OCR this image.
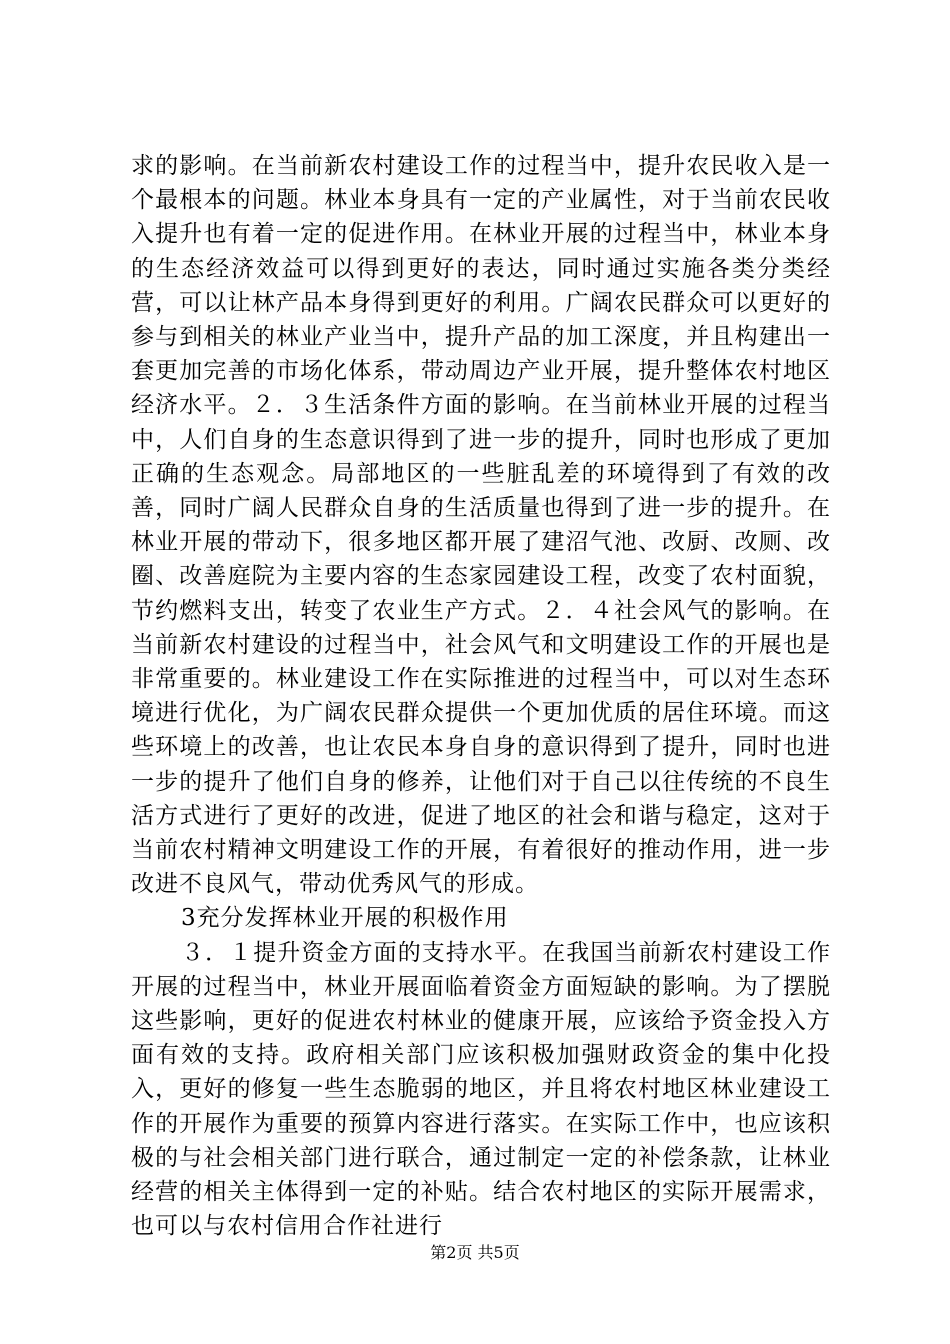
求的影响。在当前新农村建设工作的过程当中，提升农民收入是一个最根本的问题。林业本身具有一定的产业属性，对于当前农民收入提升也有着一定的促进作用。在林业开展的过程当中，林业本身的生态经济效益可以得到更好的表达，同时通过实施各类分类经营，可以让林产品本身得到更好的利用。广阔农民群众可以更好的参与到相关的林业产业当中，提升产品的加工深度，并且构建出一套更加完善的市场化体系，带动周边产业开展，提升整体农村地区经济水平。２．３生活条件方面的影响。在当前林业开展的过程当中，人们自身的生态意识得到了进一步的提升，同时也形成了更加正确的生态观念。局部地区的一些脏乱差的环境得到了有效的改善，同时广阔人民群众自身的生活质量也得到了进一步的提升。在林业开展的带动下，很多地区都开展了建沼气池、改厨、改厕、改圈、改善庭院为主要内容的生态家园建设工程，改变了农村面貌，节约燃料支出，转变了农业生产方式。２．４社会风气的影响。在当前新农村建设的过程当中，社会风气和文明建设工作的开展也是非常重要的。林业建设工作在实际推进的过程当中，可以对生态环境进行优化，为广阔农民群众提供一个更加优质的居住环境。而这些环境上的改善，也让农民本身自身的意识得到了提升，同时也进一步的提升了他们自身的修养，让他们对于自己以往传统的不良生活方式进行了更好的改进，促进了地区的社会和谐与稳定，这对于当前农村精神文明建设工作的开展，有着很好的推动作用，进一步改进不良风气，带动优秀风气的形成。

3充分发挥林业开展的积极作用

３．１提升资金方面的支持水平。在我国当前新农村建设工作开展的过程当中，林业开展面临着资金方面短缺的影响。为了摆脱这些影响，更好的促进农村林业的健康开展，应该给予资金投入方面有效的支持。政府相关部门应该积极加强财政资金的集中化投入，更好的修复一些生态脆弱的地区，并且将农村地区林业建设工作的开展作为重要的预算内容进行落实。在实际工作中，也应该积极的与社会相关部门进行联合，通过制定一定的补偿条款，让林业经营的相关主体得到一定的补贴。结合农村地区的实际开展需求，也可以与农村信用合作社进行

第2页 共5页
